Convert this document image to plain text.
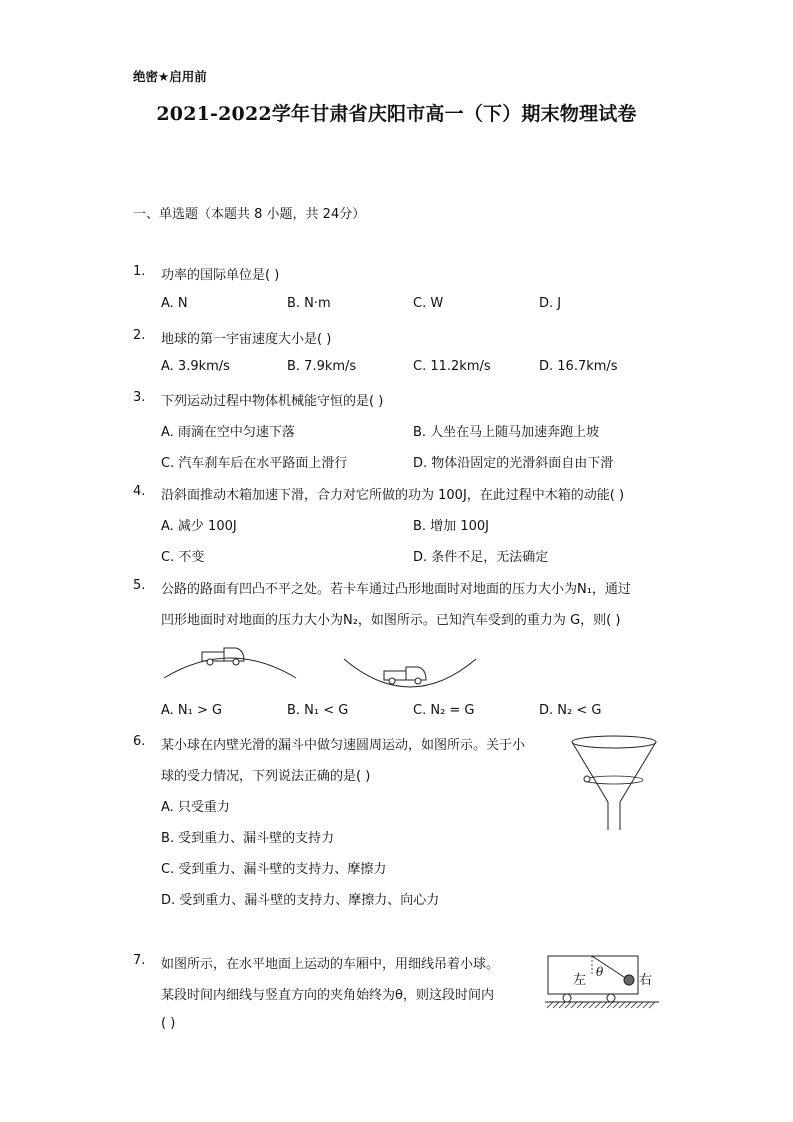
绝密★启用前
2021-2022学年甘肃省庆阳市高一（下）期末物理试卷
一、单选题（本题共 8 小题，共 24分）
1. 功率的国际单位是( )
A. N	B. N·m	C. W	D. J
2. 地球的第一宇宙速度大小是( )
A. 3.9km/s	B. 7.9km/s	C. 11.2km/s	D. 16.7km/s
3. 下列运动过程中物体机械能守恒的是( )
A. 雨滴在空中匀速下落	B. 人坐在马上随马加速奔跑上坡
C. 汽车刹车后在水平路面上滑行	D. 物体沿固定的光滑斜面自由下滑
4. 沿斜面推动木箱加速下滑，合力对它所做的功为 100J，在此过程中木箱的动能( )
A. 减少 100J	B. 增加 100J
C. 不变	D. 条件不足，无法确定
5. 公路的路面有凹凸不平之处。若卡车通过凸形地面时对地面的压力大小为N₁，通过
凹形地面时对地面的压力大小为N₂，如图所示。已知汽车受到的重力为 G，则( )
A. N₁ > G	B. N₁ < G	C. N₂ = G	D. N₂ < G
6. 某小球在内壁光滑的漏斗中做匀速圆周运动，如图所示。关于小
球的受力情况，下列说法正确的是( )
A. 只受重力
B. 受到重力、漏斗壁的支持力
C. 受到重力、漏斗壁的支持力、摩擦力
D. 受到重力、漏斗壁的支持力、摩擦力、向心力
7. 如图所示，在水平地面上运动的车厢中，用细线吊着小球。
某段时间内细线与竖直方向的夹角始终为θ，则这段时间内
( )
θ
左	右
